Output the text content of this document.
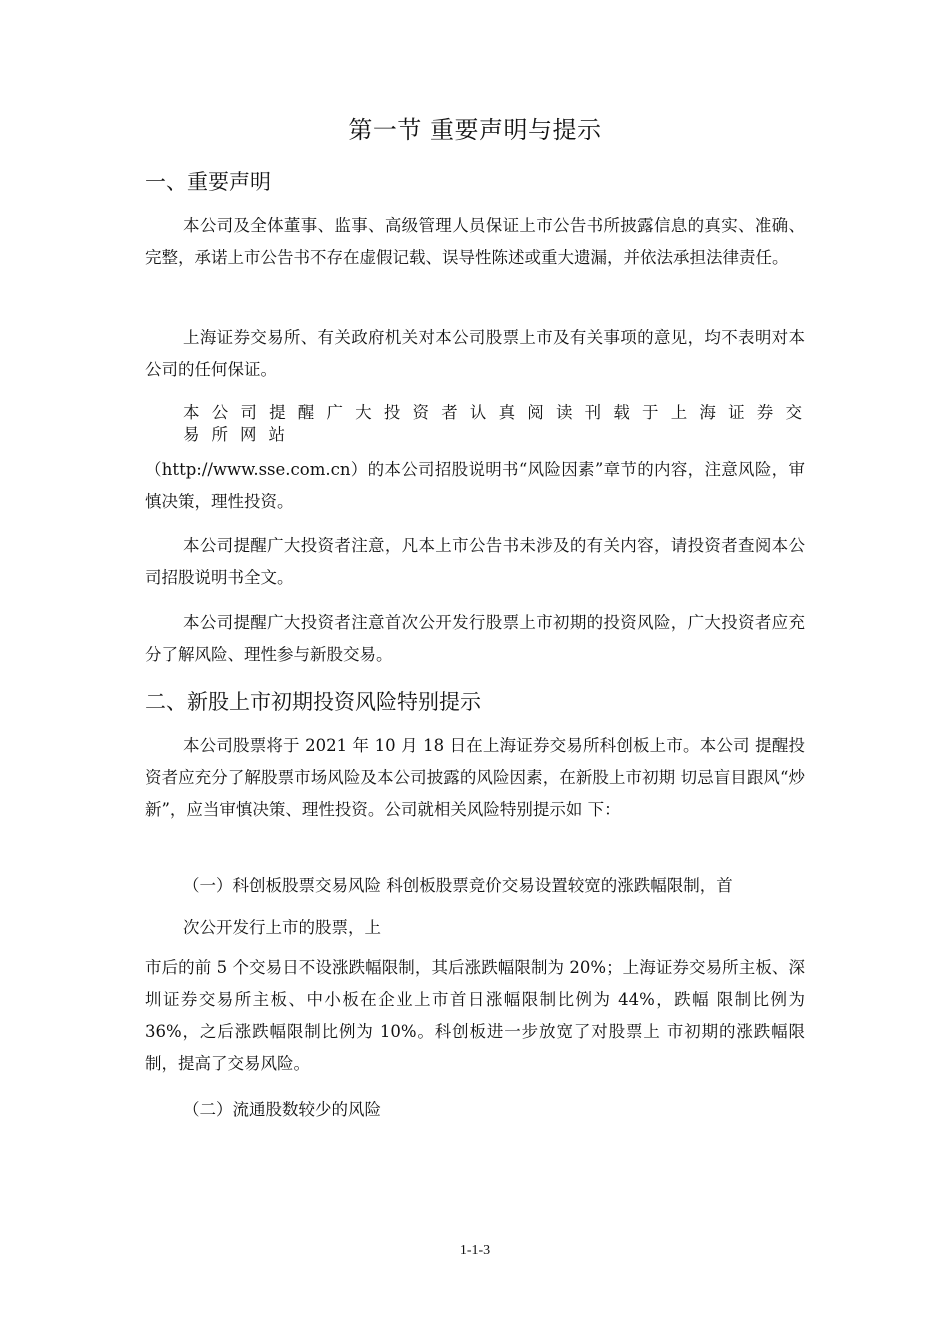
第一节 重要声明与提示
一、重要声明

本公司及全体董事、监事、高级管理人员保证上市公告书所披露信息的真实、准确、完整，承诺上市公告书不存在虚假记载、误导性陈述或重大遗漏，并依法承担法律责任。

上海证券交易所、有关政府机关对本公司股票上市及有关事项的意见，均不表明对本公司的任何保证。

本公司提醒广大投资者认真阅读刊载于上海证券交

易所网站

（http://www.sse.com.cn）的本公司招股说明书“风险因素”章节的内容，注意风险，审慎决策，理性投资。

本公司提醒广大投资者注意，凡本上市公告书未涉及的有关内容，请投资者查阅本公司招股说明书全文。

本公司提醒广大投资者注意首次公开发行股票上市初期的投资风险，广大投资者应充分了解风险、理性参与新股交易。

二、新股上市初期投资风险特别提示

本公司股票将于 2021 年 10 月 18 日在上海证券交易所科创板上市。本公司 提醒投资者应充分了解股票市场风险及本公司披露的风险因素，在新股上市初期 切忌盲目跟风“炒新”，应当审慎决策、理性投资。公司就相关风险特别提示如 下：

（一）科创板股票交易风险 科创板股票竞价交易设置较宽的涨跌幅限制，首

次公开发行上市的股票，上

市后的前 5 个交易日不设涨跌幅限制，其后涨跌幅限制为 20%；上海证券交易所主板、深圳证券交易所主板、中小板在企业上市首日涨幅限制比例为 44%，跌幅 限制比例为 36%，之后涨跌幅限制比例为 10%。科创板进一步放宽了对股票上 市初期的涨跌幅限制，提高了交易风险。

（二）流通股数较少的风险

1-1-3
